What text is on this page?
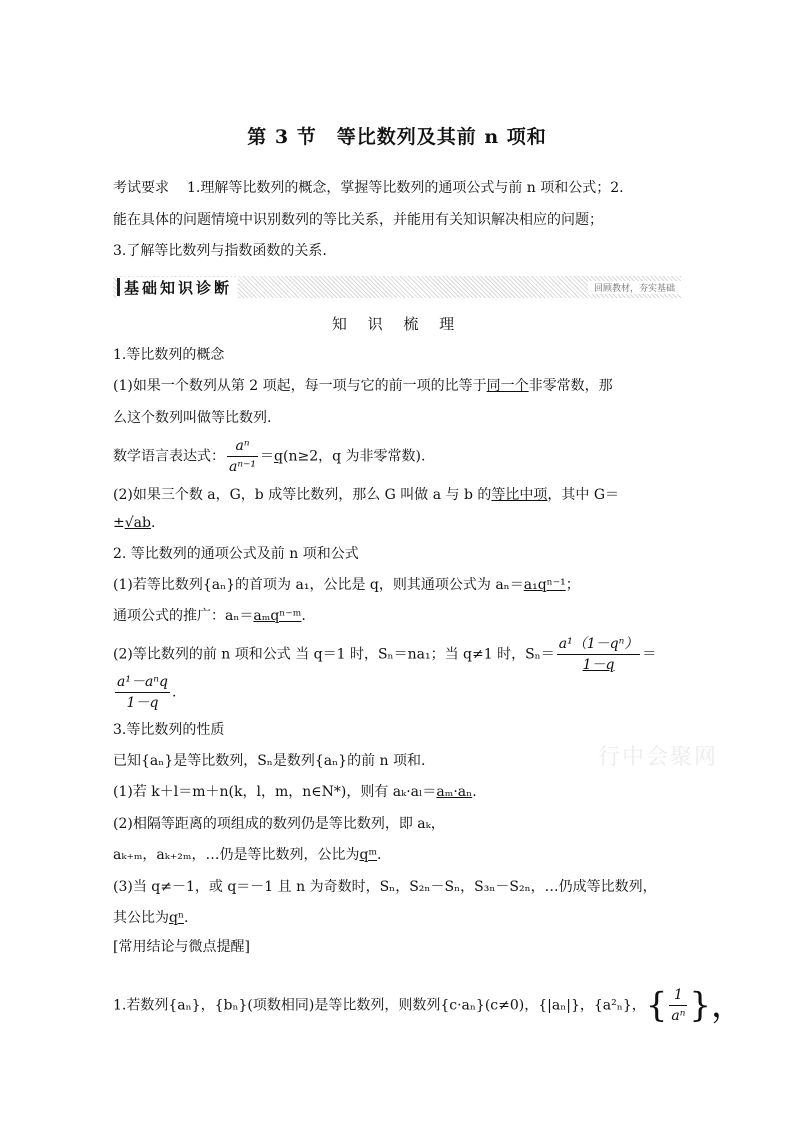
第 3 节　等比数列及其前 n 项和
考试要求 1.理解等比数列的概念，掌握等比数列的通项公式与前 n 项和公式；2.
能在具体的问题情境中识别数列的等比关系，并能用有关知识解决相应的问题；
3.了解等比数列与指数函数的关系.
基础知识诊断	回顾教材，夯实基础
知 识 梳 理
1.等比数列的概念
(1)如果一个数列从第 2 项起，每一项与它的前一项的比等于同一个非零常数，那
么这个数列叫做等比数列.
数学语言表达式： $\frac{\text{aⁿ}}{\text{aⁿ⁻¹}} =q(n\ge 2$，q 为非零常数).
(2)如果三个数 a，G，b 成等比数列，那么 G 叫做 a 与 b 的等比中项，其中 G＝
±√ab.
2. 等比数列的通项公式及前 n 项和公式
(1)若等比数列{aₙ}的首项为 a₁，公比是 q，则其通项公式为 aₙ＝a₁qⁿ⁻¹；
通项公式的推广：aₙ＝aₘqⁿ⁻ᵐ.
(2)等比数列的前 n 项和公式 当 q＝1 时，Sₙ＝na₁；当 q≠1 时，$S_n= \frac{\text{a¹（1－qⁿ）}}{1-q}$ ＝
$\frac{\text{a¹－aⁿq}}{1-q}$ .
3.等比数列的性质
已知{aₙ}是等比数列，Sₙ是数列{aₙ}的前 n 项和.
(1)若 k＋l＝m＋n(k，l，m，n∈N*)，则有 aₖ·aₗ＝aₘ·aₙ.
(2)相隔等距离的项组成的数列仍是等比数列，即 aₖ，
aₖ₊ₘ，aₖ₊₂ₘ，…仍是等比数列，公比为qᵐ.
(3)当 q≠－1，或 q＝－1 且 n 为奇数时，Sₙ，S₂ₙ－Sₙ，S₃ₙ－S₂ₙ，…仍成等比数列，
其公比为qⁿ.
[常用结论与微点提醒]
1.若数列{aₙ}，{bₙ}(项数相同)是等比数列，则数列{c·aₙ}(c≠0)，{|aₙ|}，{a²ₙ}，{ $\frac{1}{\text{aⁿ}}$ }，
行中会聚网
